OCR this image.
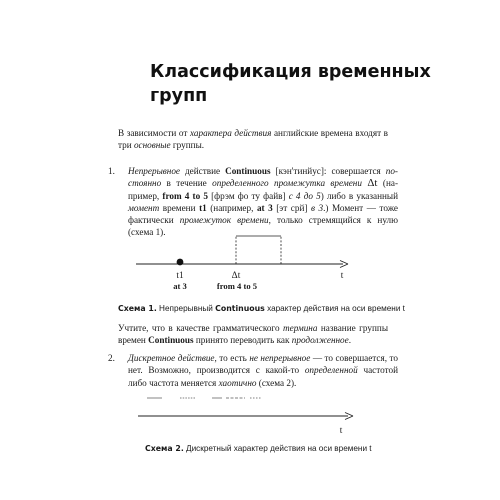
Классификация временных
групп

В зависимости от характера действия английские времена входят в три основные группы.

1. Непрерывное действие Continuous [кэн'тинйус]: совершается по-стоянно в течение определенного промежутка времени Δt (на-пример, from 4 to 5 [фрэм фо ту файв] с 4 до 5) либо в указанный момент времени t1 (например, at 3 [эт срй] в 3.) Момент — тоже фактически промежуток времени, только стремящийся к нулю (схема 1).

t1
at 3
Δt
from 4 to 5
t
t

Схема 1. Непрерывный Continuous характер действия на оси времени t

Учтите, что в качестве грамматического термина название группы времен Continuous принято переводить как продолженное.

2. Дискретное действие, то есть не непрерывное — то совершается, то нет. Возможно, производится с какой-то определенной частотой либо частота меняется хаотично (схема 2).

Схема 2. Дискретный характер действия на оси времени t
